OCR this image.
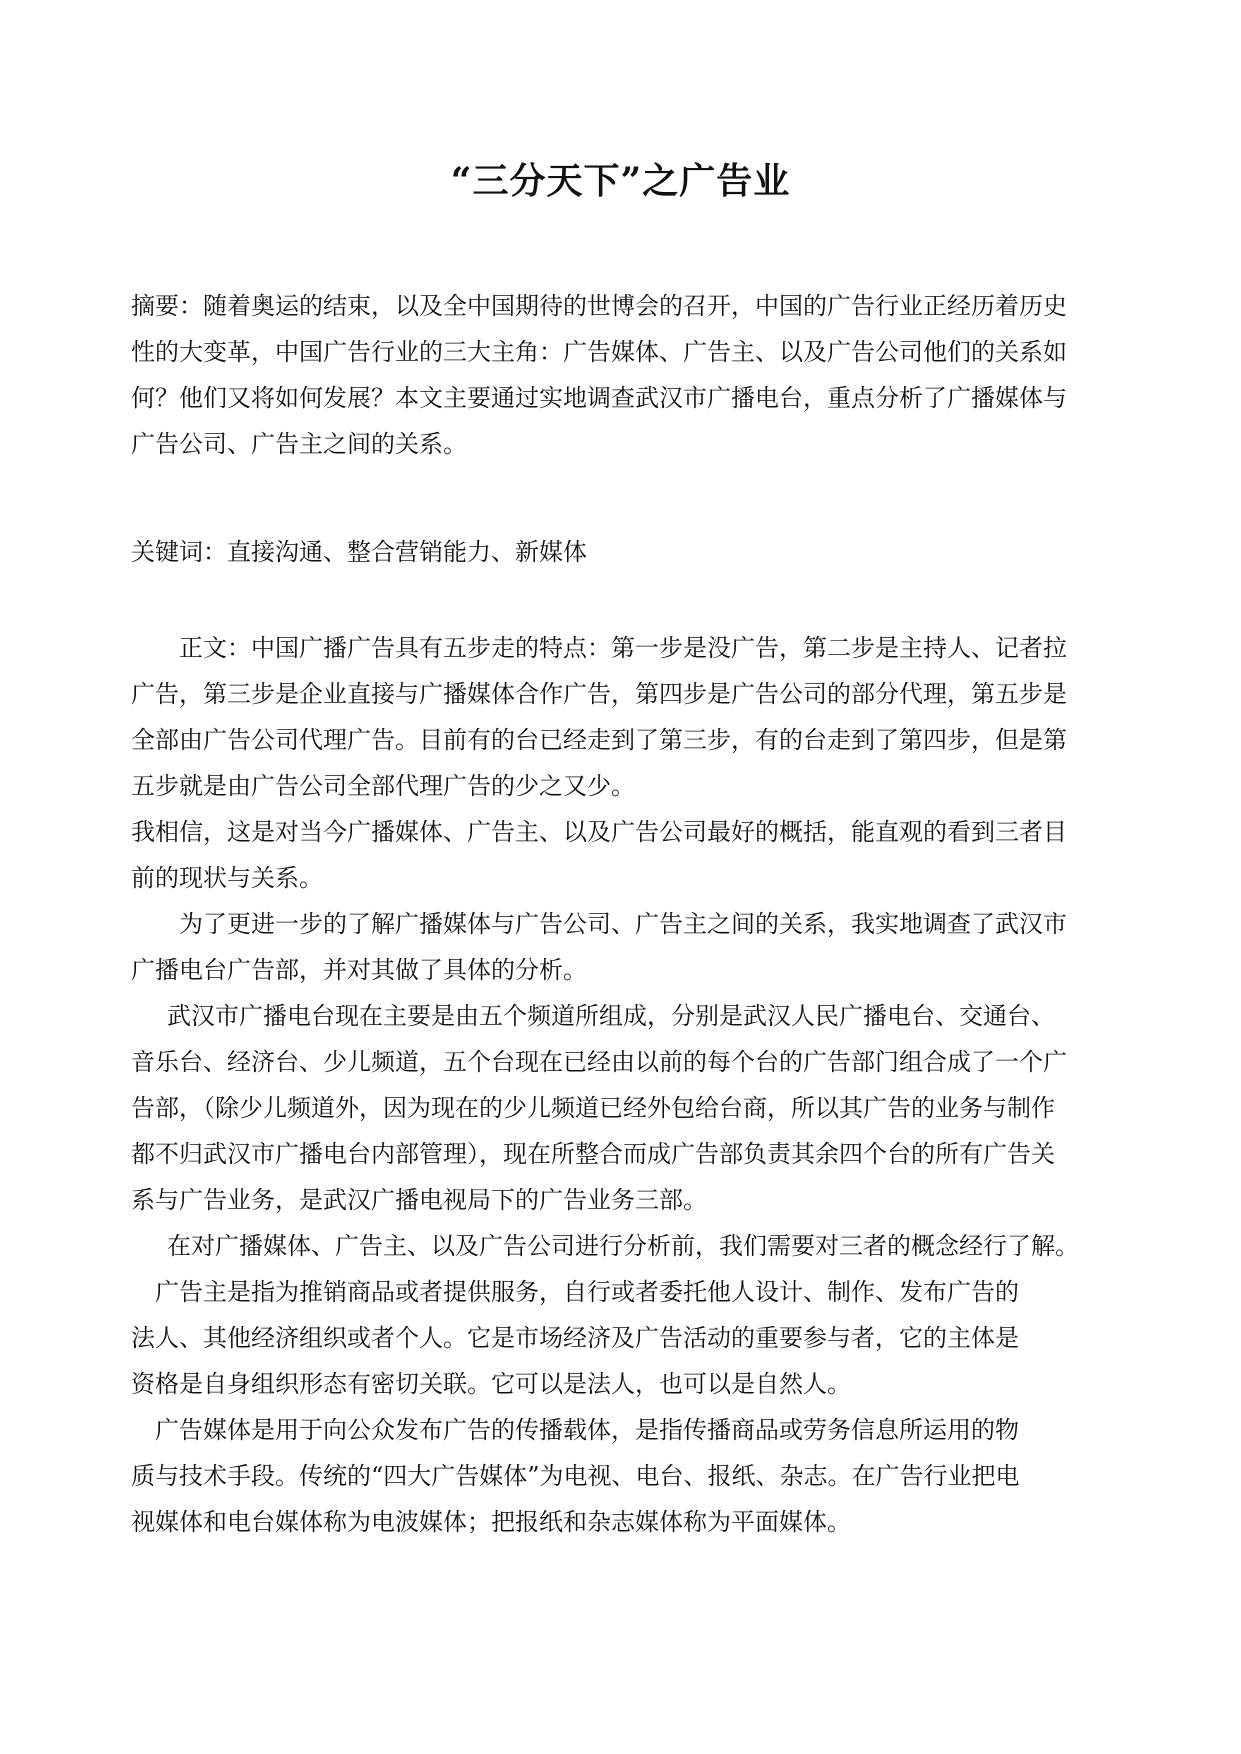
“三分天下”之广告业
摘要：随着奥运的结束，以及全中国期待的世博会的召开，中国的广告行业正经历着历史
性的大变革，中国广告行业的三大主角：广告媒体、广告主、以及广告公司他们的关系如
何？他们又将如何发展？本文主要通过实地调查武汉市广播电台，重点分析了广播媒体与
广告公司、广告主之间的关系。
关键词：直接沟通、整合营销能力、新媒体
正文：中国广播广告具有五步走的特点：第一步是没广告，第二步是主持人、记者拉
广告，第三步是企业直接与广播媒体合作广告，第四步是广告公司的部分代理，第五步是
全部由广告公司代理广告。目前有的台已经走到了第三步，有的台走到了第四步，但是第
五步就是由广告公司全部代理广告的少之又少。
我相信，这是对当今广播媒体、广告主、以及广告公司最好的概括，能直观的看到三者目
前的现状与关系。
为了更进一步的了解广播媒体与广告公司、广告主之间的关系，我实地调查了武汉市
广播电台广告部，并对其做了具体的分析。
武汉市广播电台现在主要是由五个频道所组成，分别是武汉人民广播电台、交通台、
音乐台、经济台、少儿频道，五个台现在已经由以前的每个台的广告部门组合成了一个广
告部，（除少儿频道外，因为现在的少儿频道已经外包给台商，所以其广告的业务与制作
都不归武汉市广播电台内部管理），现在所整合而成广告部负责其余四个台的所有广告关
系与广告业务，是武汉广播电视局下的广告业务三部。
在对广播媒体、广告主、以及广告公司进行分析前，我们需要对三者的概念经行了解。
广告主是指为推销商品或者提供服务，自行或者委托他人设计、制作、发布广告的
法人、其他经济组织或者个人。它是市场经济及广告活动的重要参与者，它的主体是
资格是自身组织形态有密切关联。它可以是法人，也可以是自然人。
广告媒体是用于向公众发布广告的传播载体，是指传播商品或劳务信息所运用的物
质与技术手段。传统的“四大广告媒体”为电视、电台、报纸、杂志。在广告行业把电
视媒体和电台媒体称为电波媒体；把报纸和杂志媒体称为平面媒体。
